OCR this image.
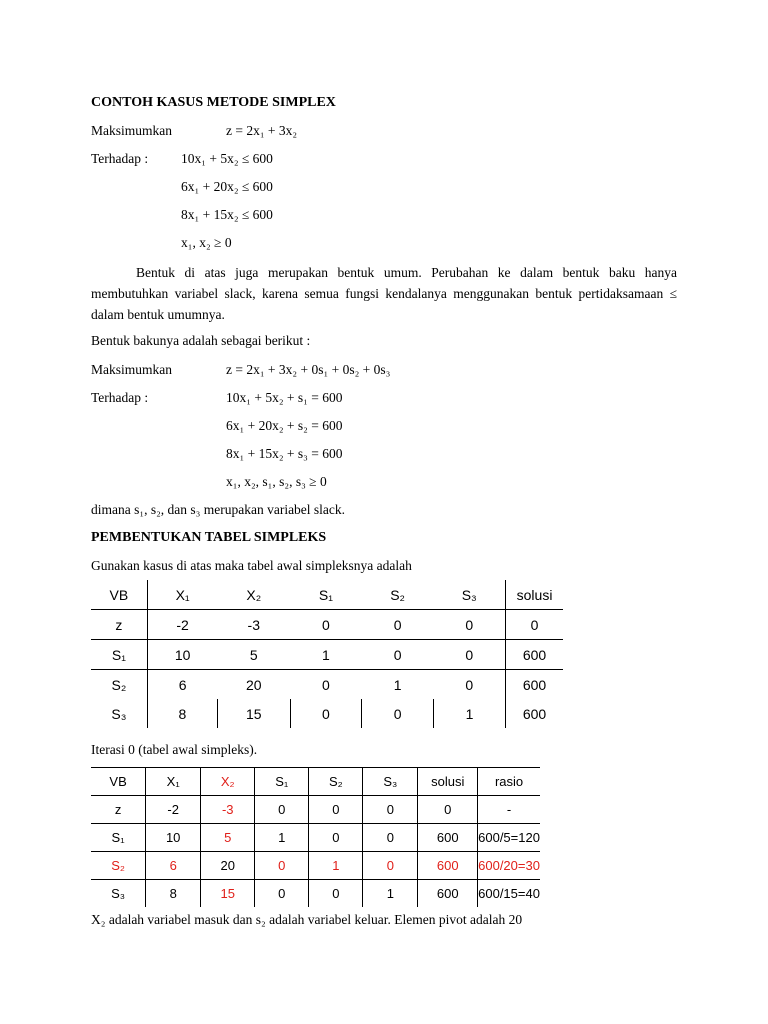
CONTOH KASUS METODE SIMPLEX
Maksimumkan	z = 2x₁ + 3x₂
Terhadap : 10x₁ + 5x₂ ≤ 600
6x₁ + 20x₂ ≤ 600
8x₁ + 15x₂ ≤ 600
x₁, x₂ ≥ 0

Bentuk di atas juga merupakan bentuk umum. Perubahan ke dalam bentuk baku hanya membutuhkan variabel slack, karena semua fungsi kendalanya menggunakan bentuk pertidaksamaan ≤ dalam bentuk umumnya.

Bentuk bakunya adalah sebagai berikut :
Maksimumkan	z = 2x₁ + 3x₂ + 0s₁ + 0s₂ + 0s₃
Terhadap :	10x₁ + 5x₂ + s₁ = 600
6x₁ + 20x₂ + s₂ = 600
8x₁ + 15x₂ + s₃ = 600
x₁, x₂, s₁, s₂, s₃ ≥ 0
dimana s₁, s₂, dan s₃ merupakan variabel slack.
PEMBENTUKAN TABEL SIMPLEKS
Gunakan kasus di atas maka tabel awal simpleksnya adalah
VB	X₁	X₂	S₁	S₂	S₃	solusi
z	-2	-3	0	0	0	0
S₁	10	5	1	0	0	600
S₂	6	20	0	1	0	600
S₃	8	15	0	0	1	600
Iterasi 0 (tabel awal simpleks).
VB	X₁	X₂	S₁	S₂	S₃	solusi	rasio
z	-2	-3	0	0	0	0	-
S₁	10	5	1	0	0	600	600/5=120
S₂	6	20	0	1	0	600	600/20=30
S₃	8	15	0	0	1	600	600/15=40
X₂ adalah variabel masuk dan s₂ adalah variabel keluar. Elemen pivot adalah 20
